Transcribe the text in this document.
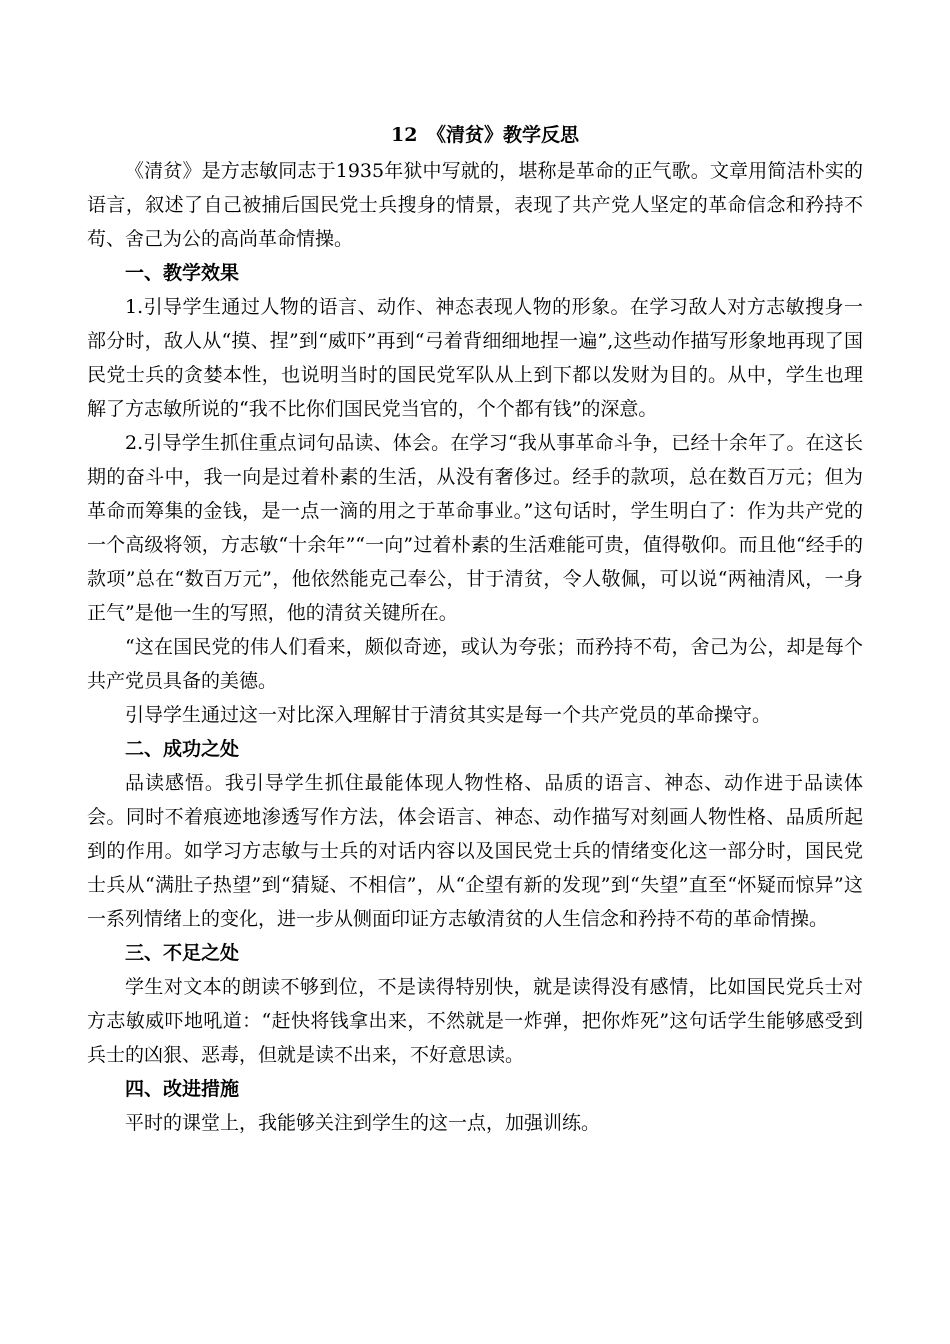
12　《清贫》教学反思

《清贫》是方志敏同志于1935年狱中写就的，堪称是革命的正气歌。文章用简洁朴实的语言，叙述了自己被捕后国民党士兵搜身的情景，表现了共产党人坚定的革命信念和矜持不苟、舍己为公的高尚革命情操。

一、教学效果

1.引导学生通过人物的语言、动作、神态表现人物的形象。在学习敌人对方志敏搜身一部分时，敌人从“摸、捏”到“威吓”再到“弓着背细细地捏一遍”,这些动作描写形象地再现了国民党士兵的贪婪本性，也说明当时的国民党军队从上到下都以发财为目的。从中，学生也理解了方志敏所说的“我不比你们国民党当官的，个个都有钱”的深意。

2.引导学生抓住重点词句品读、体会。在学习“我从事革命斗争，已经十余年了。在这长期的奋斗中，我一向是过着朴素的生活，从没有奢侈过。经手的款项，总在数百万元；但为革命而筹集的金钱，是一点一滴的用之于革命事业。”这句话时，学生明白了：作为共产党的一个高级将领，方志敏“十余年”“一向”过着朴素的生活难能可贵，值得敬仰。而且他“经手的款项”总在“数百万元”，他依然能克己奉公，甘于清贫，令人敬佩，可以说“两袖清风，一身正气”是他一生的写照，他的清贫关键所在。

“这在国民党的伟人们看来，颇似奇迹，或认为夸张；而矜持不苟，舍己为公，却是每个共产党员具备的美德。

引导学生通过这一对比深入理解甘于清贫其实是每一个共产党员的革命操守。

二、成功之处

品读感悟。我引导学生抓住最能体现人物性格、品质的语言、神态、动作进于品读体会。同时不着痕迹地渗透写作方法，体会语言、神态、动作描写对刻画人物性格、品质所起到的作用。如学习方志敏与士兵的对话内容以及国民党士兵的情绪变化这一部分时，国民党士兵从“满肚子热望”到“猜疑、不相信”，从“企望有新的发现”到“失望”直至“怀疑而惊异”这一系列情绪上的变化，进一步从侧面印证方志敏清贫的人生信念和矜持不苟的革命情操。

三、不足之处

学生对文本的朗读不够到位，不是读得特别快，就是读得没有感情，比如国民党兵士对方志敏威吓地吼道：“赶快将钱拿出来，不然就是一炸弹，把你炸死”这句话学生能够感受到兵士的凶狠、恶毒，但就是读不出来，不好意思读。

四、改进措施

平时的课堂上，我能够关注到学生的这一点，加强训练。
